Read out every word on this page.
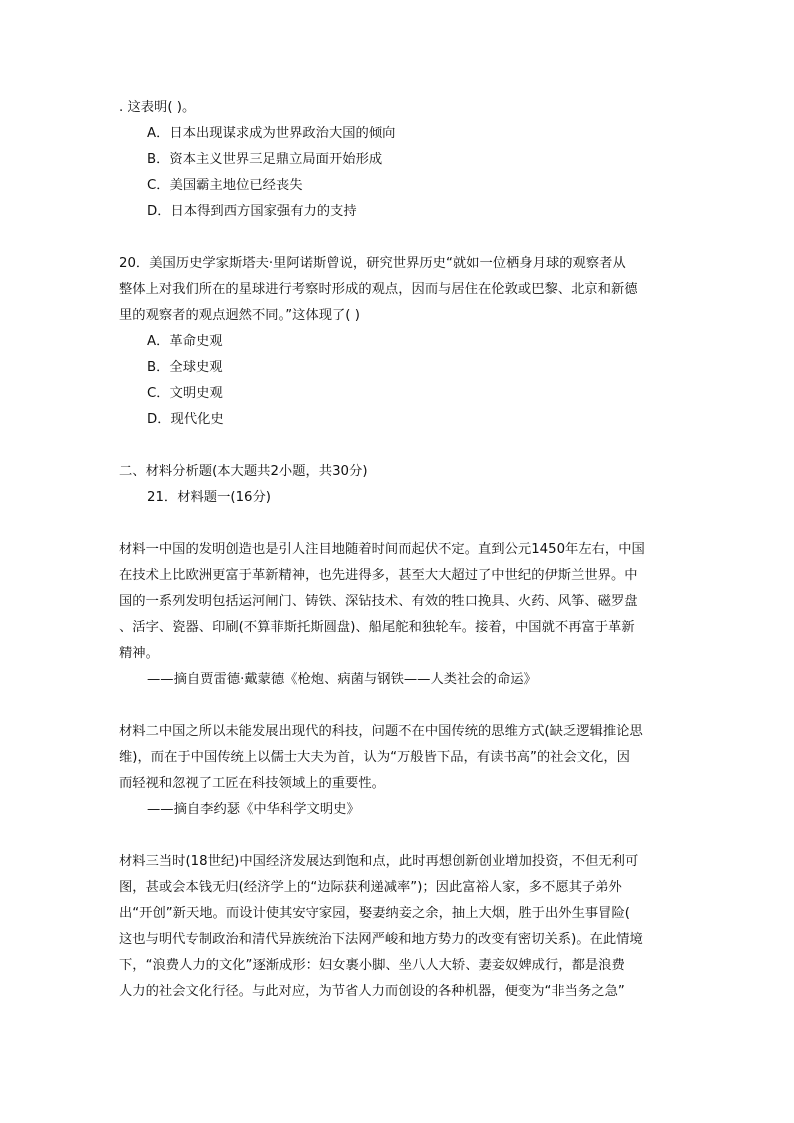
. 这表明( )。
A．日本出现谋求成为世界政治大国的倾向
B．资本主义世界三足鼎立局面开始形成
C．美国霸主地位已经丧失
D．日本得到西方国家强有力的支持
20．美国历史学家斯塔夫·里阿诺斯曾说，研究世界历史“就如一位栖身月球的观察者从
整体上对我们所在的星球进行考察时形成的观点，因而与居住在伦敦或巴黎、北京和新德
里的观察者的观点迥然不同。”这体现了( )
A．革命史观
B．全球史观
C．文明史观
D．现代化史
二、材料分析题(本大题共2小题，共30分)
21．材料题一(16分)
材料一中国的发明创造也是引人注目地随着时间而起伏不定。直到公元1450年左右，中国
在技术上比欧洲更富于革新精神，也先进得多，甚至大大超过了中世纪的伊斯兰世界。中
国的一系列发明包括运河闸门、铸铁、深钻技术、有效的牲口挽具、火药、风筝、磁罗盘
、活字、瓷器、印刷(不算菲斯托斯圆盘)、船尾舵和独轮车。接着，中国就不再富于革新
精神。
——摘自贾雷德·戴蒙德《枪炮、病菌与钢铁——人类社会的命运》
材料二中国之所以未能发展出现代的科技，问题不在中国传统的思维方式(缺乏逻辑推论思
维)，而在于中国传统上以儒士大夫为首，认为“万般皆下品，有读书高”的社会文化，因
而轻视和忽视了工匠在科技领域上的重要性。
——摘自李约瑟《中华科学文明史》
材料三当时(18世纪)中国经济发展达到饱和点，此时再想创新创业增加投资，不但无利可
图，甚或会本钱无归(经济学上的“边际获利递减率”)；因此富裕人家，多不愿其子弟外
出“开创”新天地。而设计使其安守家园，娶妻纳妾之余，抽上大烟，胜于出外生事冒险(
这也与明代专制政治和清代异族统治下法网严峻和地方势力的改变有密切关系)。在此情境
下，“浪费人力的文化”逐渐成形：妇女裹小脚、坐八人大轿、妻妾奴婢成行，都是浪费
人力的社会文化行径。与此对应，为节省人力而创设的各种机器，便变为“非当务之急”
